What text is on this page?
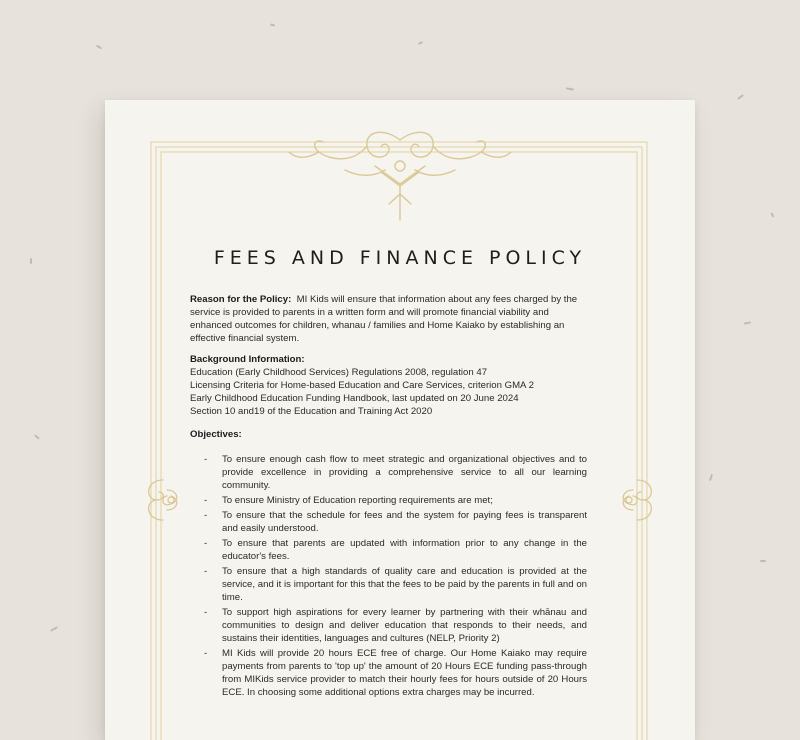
FEES AND FINANCE POLICY

Reason for the Policy: MI Kids will ensure that information about any fees charged by the service is provided to parents in a written form and will promote financial viability and enhanced outcomes for children, whanau / families and Home Kaiako by establishing an effective financial system.

Background Information:
Education (Early Childhood Services) Regulations 2008, regulation 47
Licensing Criteria for Home-based Education and Care Services, criterion GMA 2
Early Childhood Education Funding Handbook, last updated on 20 June 2024
Section 10 and19 of the Education and Training Act 2020
Objectives:
- To ensure enough cash flow to meet strategic and organizational objectives and to provide excellence in providing a comprehensive service to all our learning community.
- To ensure Ministry of Education reporting requirements are met;
- To ensure that the schedule for fees and the system for paying fees is transparent and easily understood.
- To ensure that parents are updated with information prior to any change in the educator's fees.
- To ensure that a high standards of quality care and education is provided at the service, and it is important for this that the fees to be paid by the parents in full and on time.
- To support high aspirations for every learner by partnering with their whānau and communities to design and deliver education that responds to their needs, and sustains their identities, languages and cultures (NELP, Priority 2)
- MI Kids will provide 20 hours ECE free of charge. Our Home Kaiako may require payments from parents to 'top up' the amount of 20 Hours ECE funding pass-through from MIKids service provider to match their hourly fees for hours outside of 20 Hours ECE. In choosing some additional options extra charges may be incurred.
